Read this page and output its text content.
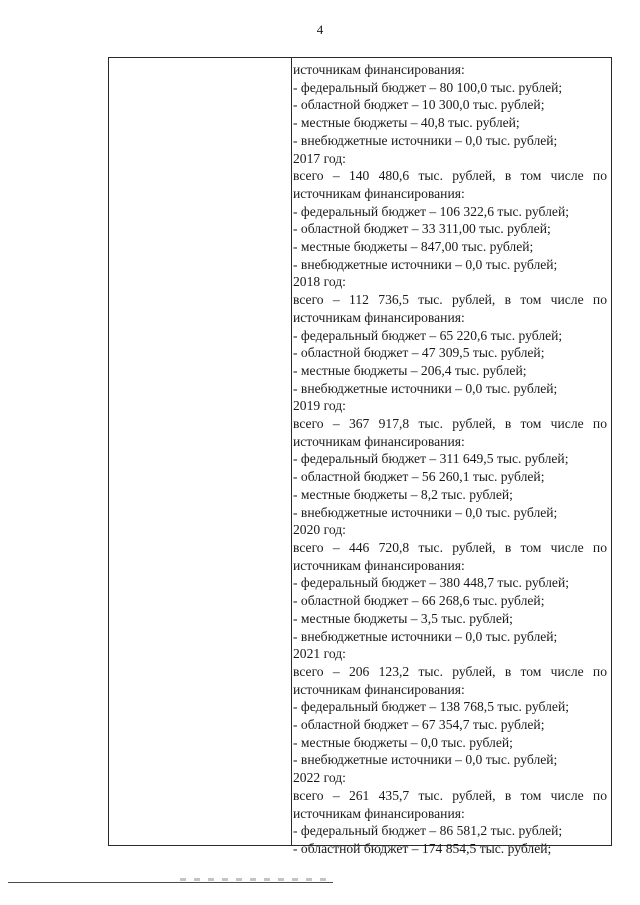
4
источникам финансирования:
- федеральный бюджет – 80 100,0 тыс. рублей;
- областной бюджет – 10 300,0 тыс. рублей;
- местные бюджеты – 40,8 тыс. рублей;
- внебюджетные источники – 0,0 тыс. рублей;
2017 год:
всего – 140 480,6 тыс. рублей, в том числе по
источникам финансирования:
- федеральный бюджет – 106 322,6 тыс. рублей;
- областной бюджет – 33 311,00 тыс. рублей;
- местные бюджеты – 847,00 тыс. рублей;
- внебюджетные источники – 0,0 тыс. рублей;
2018 год:
всего – 112 736,5 тыс. рублей, в том числе по
источникам финансирования:
- федеральный бюджет – 65 220,6 тыс. рублей;
- областной бюджет – 47 309,5 тыс. рублей;
- местные бюджеты – 206,4 тыс. рублей;
- внебюджетные источники – 0,0 тыс. рублей;
2019 год:
всего – 367 917,8 тыс. рублей, в том числе по
источникам финансирования:
- федеральный бюджет – 311 649,5 тыс. рублей;
- областной бюджет – 56 260,1 тыс. рублей;
- местные бюджеты – 8,2 тыс. рублей;
- внебюджетные источники – 0,0 тыс. рублей;
2020 год:
всего – 446 720,8 тыс. рублей, в том числе по
источникам финансирования:
- федеральный бюджет – 380 448,7 тыс. рублей;
- областной бюджет – 66 268,6 тыс. рублей;
- местные бюджеты – 3,5 тыс. рублей;
- внебюджетные источники – 0,0 тыс. рублей;
2021 год:
всего – 206 123,2 тыс. рублей, в том числе по
источникам финансирования:
- федеральный бюджет – 138 768,5 тыс. рублей;
- областной бюджет – 67 354,7 тыс. рублей;
- местные бюджеты – 0,0 тыс. рублей;
- внебюджетные источники – 0,0 тыс. рублей;
2022 год:
всего – 261 435,7 тыс. рублей, в том числе по
источникам финансирования:
- федеральный бюджет – 86 581,2 тыс. рублей;
- областной бюджет – 174 854,5 тыс. рублей;
